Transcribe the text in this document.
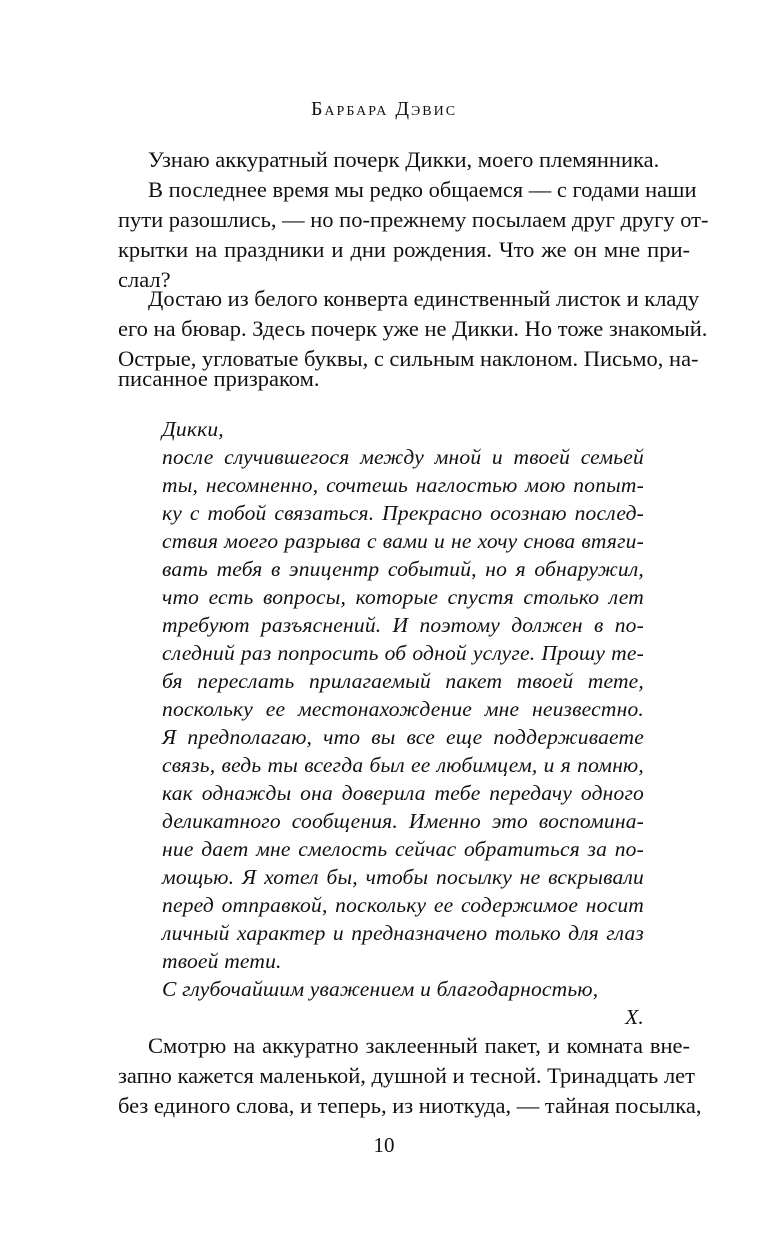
Барбара Дэвис
Узнаю аккуратный почерк Дикки, моего племянника.
В последнее время мы редко общаемся — с годами наши
пути разошлись, — но по-прежнему посылаем друг другу от-
крытки на праздники и дни рождения. Что же он мне при-
слал?
Достаю из белого конверта единственный листок и кладу
его на бювар. Здесь почерк уже не Дикки. Но тоже знакомый.
Острые, угловатые буквы, с сильным наклоном. Письмо, на-
писанное призраком.
Дикки,
после случившегося между мной и твоей семьей
ты, несомненно, сочтешь наглостью мою попыт-
ку с тобой связаться. Прекрасно осознаю послед-
ствия моего разрыва с вами и не хочу снова втяги-
вать тебя в эпицентр событий, но я обнаружил,
что есть вопросы, которые спустя столько лет
требуют разъяснений. И поэтому должен в по-
следний раз попросить об одной услуге. Прошу те-
бя переслать прилагаемый пакет твоей тете,
поскольку ее местонахождение мне неизвестно.
Я предполагаю, что вы все еще поддерживаете
связь, ведь ты всегда был ее любимцем, и я помню,
как однажды она доверила тебе передачу одного
деликатного сообщения. Именно это воспомина-
ние дает мне смелость сейчас обратиться за по-
мощью. Я хотел бы, чтобы посылку не вскрывали
перед отправкой, поскольку ее содержимое носит
личный характер и предназначено только для глаз
твоей тети.
С глубочайшим уважением и благодарностью,
Х.
Смотрю на аккуратно заклеенный пакет, и комната вне-
запно кажется маленькой, душной и тесной. Тринадцать лет
без единого слова, и теперь, из ниоткуда, — тайная посылка,
10
